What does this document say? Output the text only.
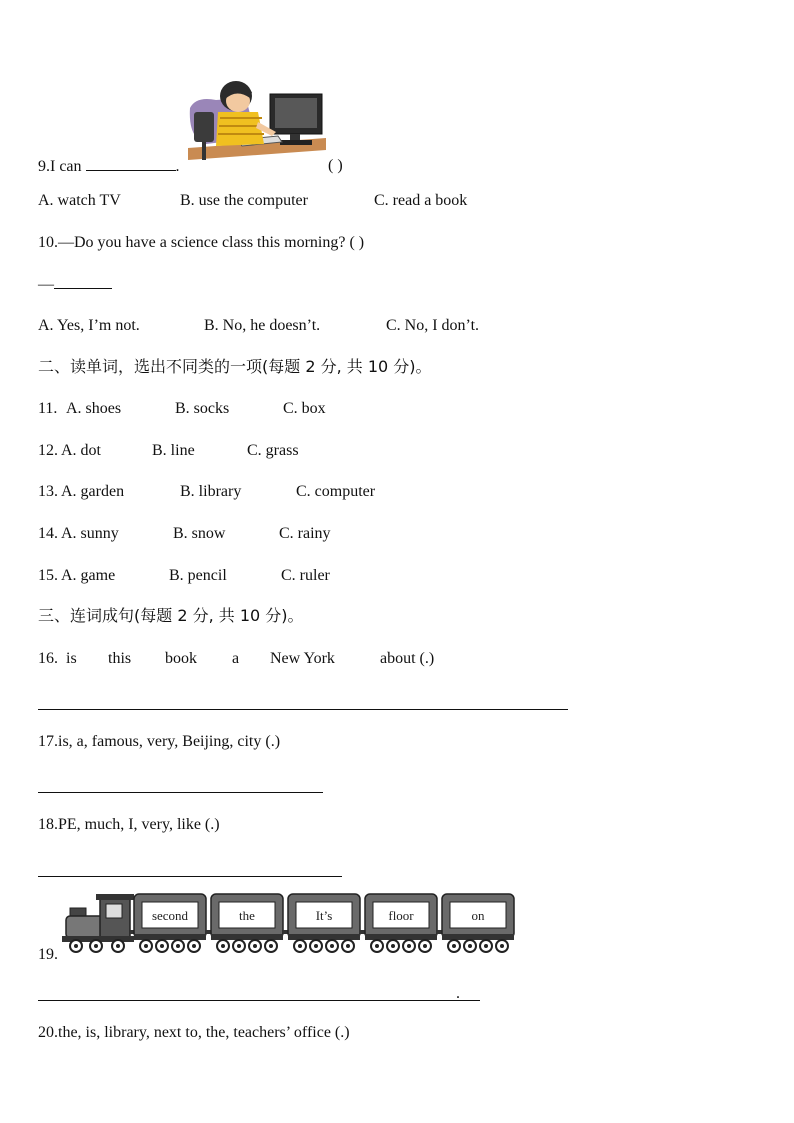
9.I can	.	( )
A. watch TV	B. use the computer	C. read a book
10.—Do you have a science class this morning? ( )
—
A. Yes, I’m not.	B. No, he doesn’t.	C. No, I don’t.
二、读单词，选出不同类的一项(每题 2 分, 共 10 分)。
11. A. shoes	B. socks	C. box
12. A. dot	B. line	C. grass
13. A. garden	B. library	C. computer
14. A. sunny	B. snow	C. rainy
15. A. game	B. pencil	C. ruler
三、连词成句(每题 2 分, 共 10 分)。
16. is this book a New York	about (.)
17.is, a, famous, very, Beijing, city (.)
18.PE, much, I, very, like (.)
19.
second	the	It’s	floor	on
.
20.the, is, library, next to, the, teachers’ office (.)
